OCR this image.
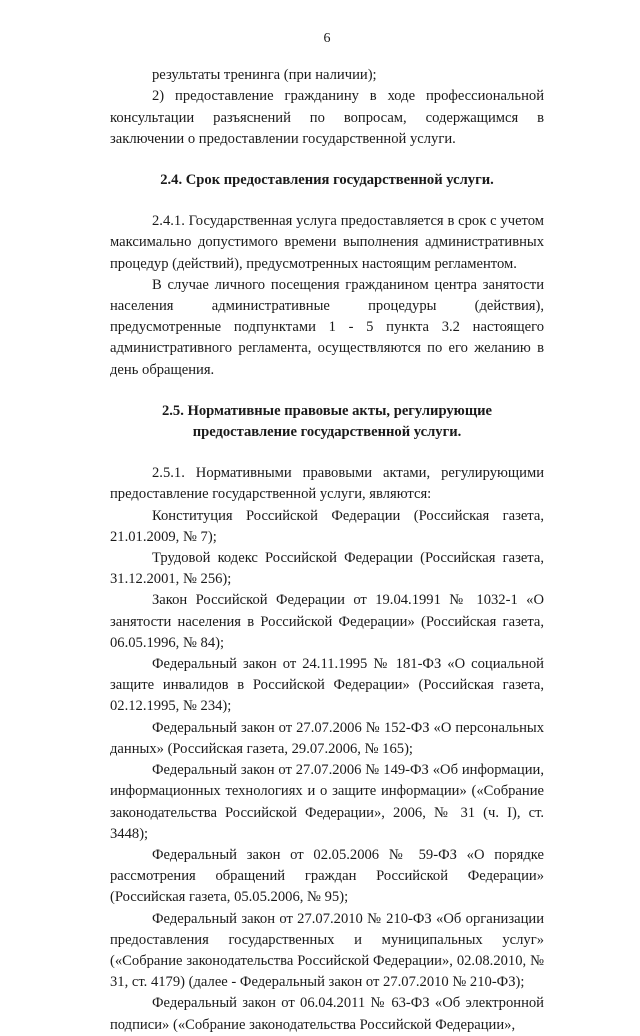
6

результаты тренинга (при наличии);

2) предоставление гражданину в ходе профессиональной консультации разъяснений по вопросам, содержащимся в заключении о предоставлении государственной услуги.

2.4. Срок предоставления государственной услуги.

2.4.1. Государственная услуга предоставляется в срок с учетом максимально допустимого времени выполнения административных процедур (действий), предусмотренных настоящим регламентом.

В случае личного посещения гражданином центра занятости населения административные процедуры (действия), предусмотренные подпунктами 1 - 5 пункта 3.2 настоящего административного регламента, осуществляются по его желанию в день обращения.

2.5. Нормативные правовые акты, регулирующие предоставление государственной услуги.

2.5.1. Нормативными правовыми актами, регулирующими предоставление государственной услуги, являются:

Конституция Российской Федерации (Российская газета, 21.01.2009, № 7);

Трудовой кодекс Российской Федерации (Российская газета, 31.12.2001, № 256);

Закон Российской Федерации от 19.04.1991 № 1032-1 «О занятости населения в Российской Федерации» (Российская газета, 06.05.1996, № 84);

Федеральный закон от 24.11.1995 № 181-ФЗ «О социальной защите инвалидов в Российской Федерации» (Российская газета, 02.12.1995, № 234);

Федеральный закон от 27.07.2006 № 152-ФЗ «О персональных данных» (Российская газета, 29.07.2006, № 165);

Федеральный закон от 27.07.2006 № 149-ФЗ «Об информации, информационных технологиях и о защите информации» («Собрание законодательства Российской Федерации», 2006, № 31 (ч. I), ст. 3448);

Федеральный закон от 02.05.2006 № 59-ФЗ «О порядке рассмотрения обращений граждан Российской Федерации» (Российская газета, 05.05.2006, № 95);

Федеральный закон от 27.07.2010 № 210-ФЗ «Об организации предоставления государственных и муниципальных услуг» («Собрание законодательства Российской Федерации», 02.08.2010, № 31, ст. 4179) (далее - Федеральный закон от 27.07.2010 № 210-ФЗ);

Федеральный закон от 06.04.2011 № 63-ФЗ «Об электронной подписи» («Собрание законодательства Российской Федерации»,
